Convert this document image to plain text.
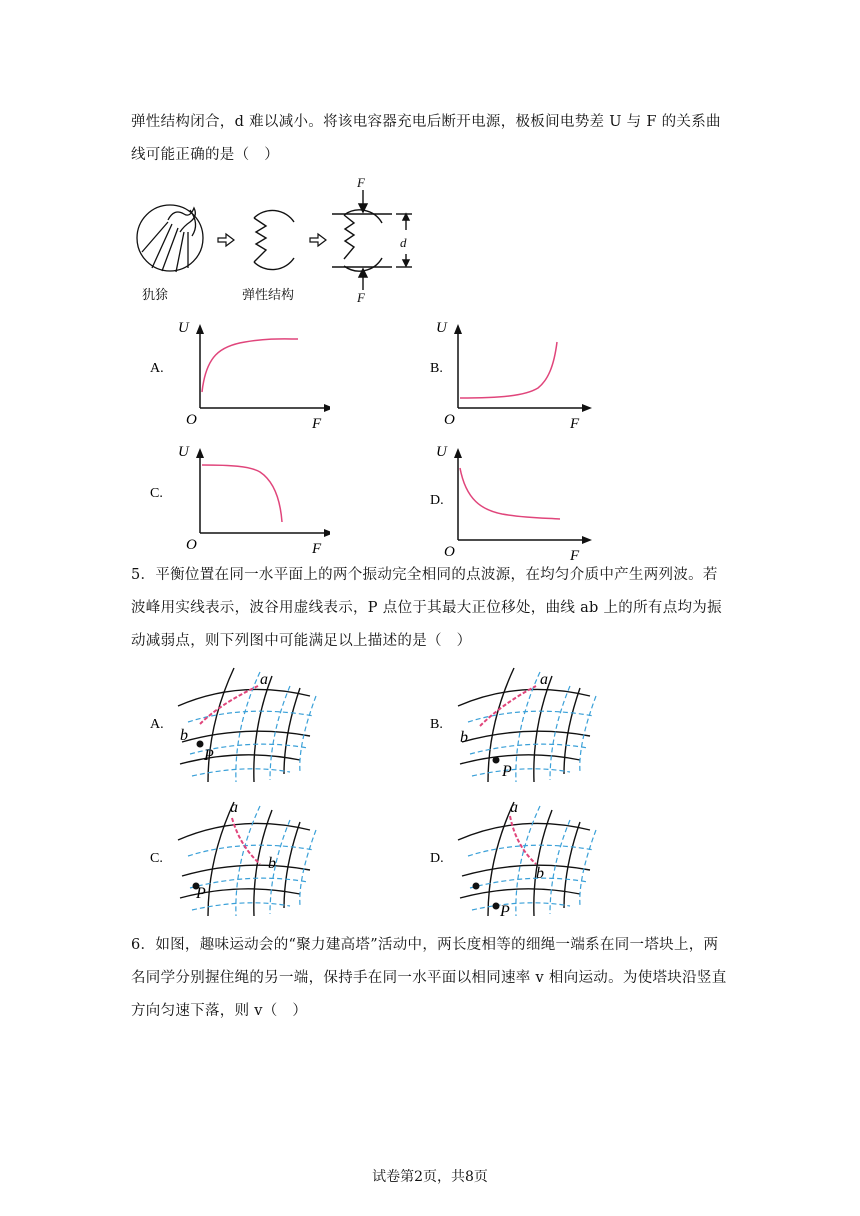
弹性结构闭合，d 难以减小。将该电容器充电后断开电源，极板间电势差 U 与 F 的关系曲
线可能正确的是（　）
F
F
d
犰狳	弹性结构
A.
U
F
O
B.
U
F
O
C.
U
F
O
D.
U
F
O
5．平衡位置在同一水平面上的两个振动完全相同的点波源，在均匀介质中产生两列波。若
波峰用实线表示，波谷用虚线表示，P 点位于其最大正位移处，曲线 ab 上的所有点均为振
动减弱点，则下列图中可能满足以上描述的是（　）
A.
a
b
P
B.
a
b
P
C.
a
b
P
D.
a
b
P
6．如图，趣味运动会的“聚力建高塔”活动中，两长度相等的细绳一端系在同一塔块上，两
名同学分别握住绳的另一端，保持手在同一水平面以相同速率 v 相向运动。为使塔块沿竖直
方向匀速下落，则 v（　）
试卷第2页，共8页
